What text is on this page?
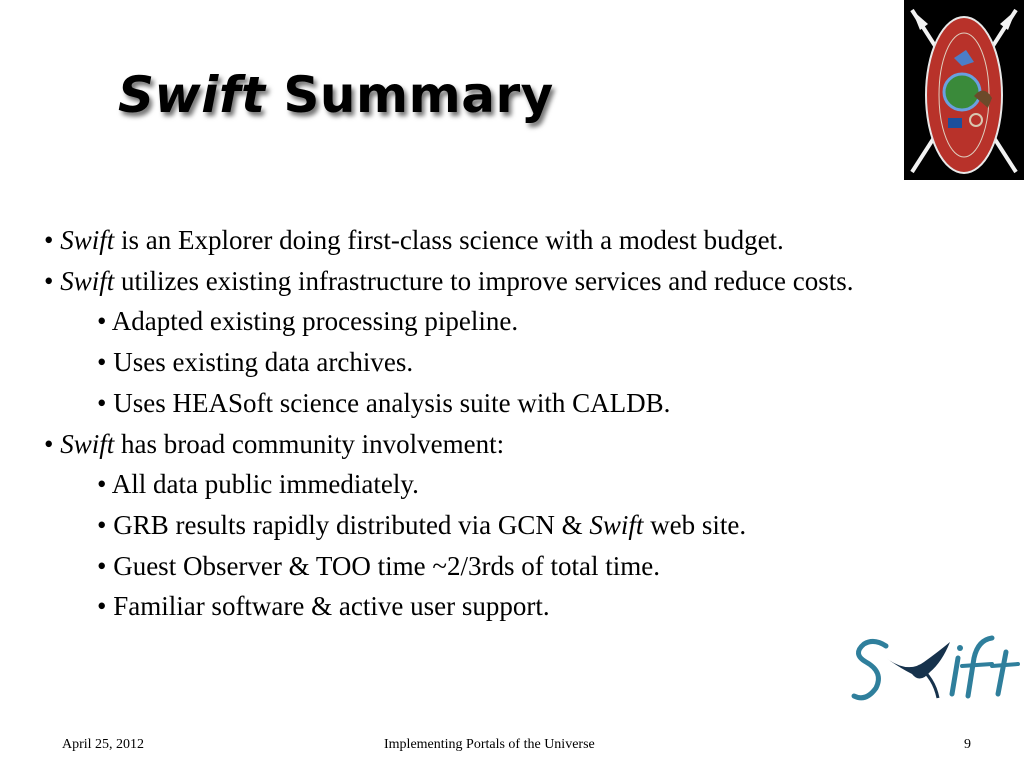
Swift Summary

• Swift is an Explorer doing first-class science with a modest budget.

• Swift utilizes existing infrastructure to improve services and reduce costs.

• Adapted existing processing pipeline.

• Uses existing data archives.

• Uses HEASoft science analysis suite with CALDB.

• Swift has broad community involvement:

• All data public immediately.

• GRB results rapidly distributed via GCN & Swift web site.

• Guest Observer & TOO time ~2/3rds of total time.

• Familiar software & active user support.

April 25, 2012	Implementing Portals of the Universe	9
